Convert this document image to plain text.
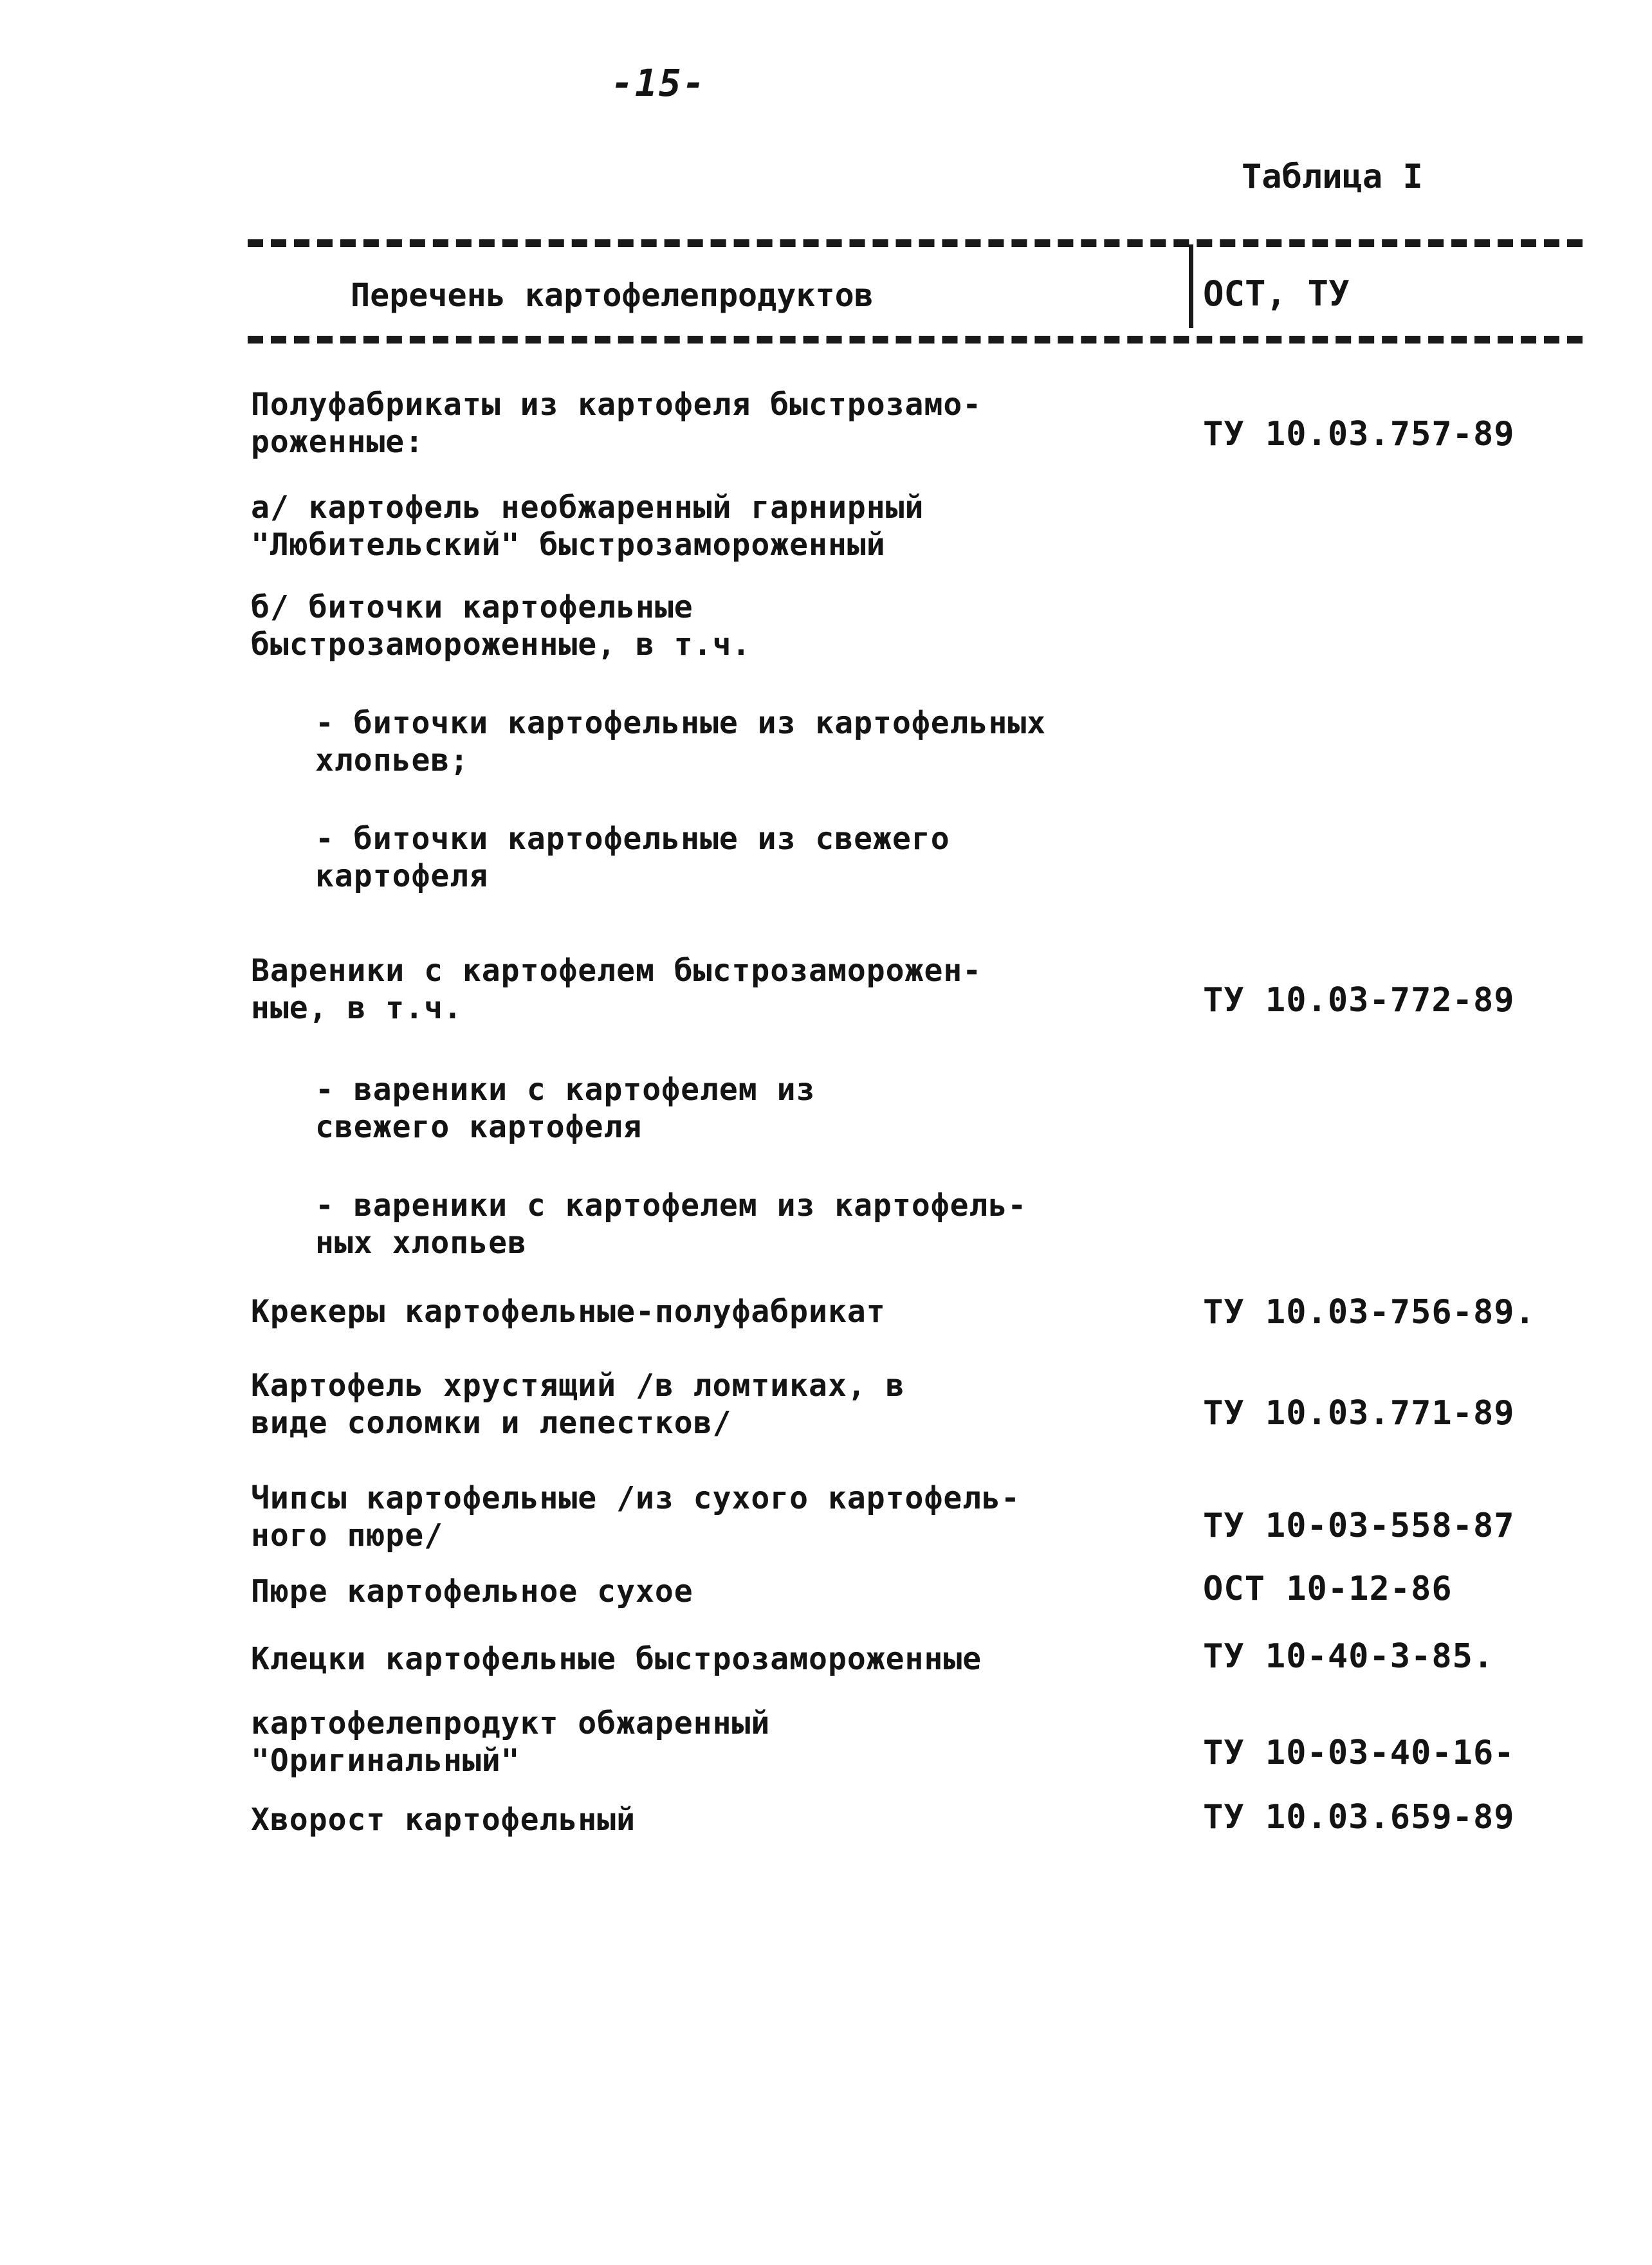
-15-
Таблица I
Перечень картофелепродуктов	ОСТ, ТУ
Полуфабрикаты из картофеля быстрозамо-
роженные:	ТУ 10.03.757-89
а/ картофель необжаренный гарнирный
"Любительский" быстрозамороженный
б/ биточки картофельные быстрозамороженные, в т.ч.
- биточки картофельные из картофельных хлопьев;
- биточки картофельные из свежего
картофеля
Вареники с картофелем быстрозаморожен-
ные, в т.ч.	ТУ 10.03-772-89
- вареники с картофелем из
свежего картофеля
- вареники с картофелем из картофель-
ных хлопьев
Крекеры картофельные-полуфабрикат	ТУ 10.03-756-89.
Картофель хрустящий /в ломтиках, в
виде соломки и лепестков/	ТУ 10.03.771-89
Чипсы картофельные /из сухого картофель-
ного пюре/	ТУ 10-03-558-87
Пюре картофельное сухое	ОСТ 10-12-86
Клецки картофельные быстрозамороженные	ТУ 10-40-3-85.
картофелепродукт обжаренный
"Оригинальный"	ТУ 10-03-40-16-
Хворост картофельный	ТУ 10.03.659-89
